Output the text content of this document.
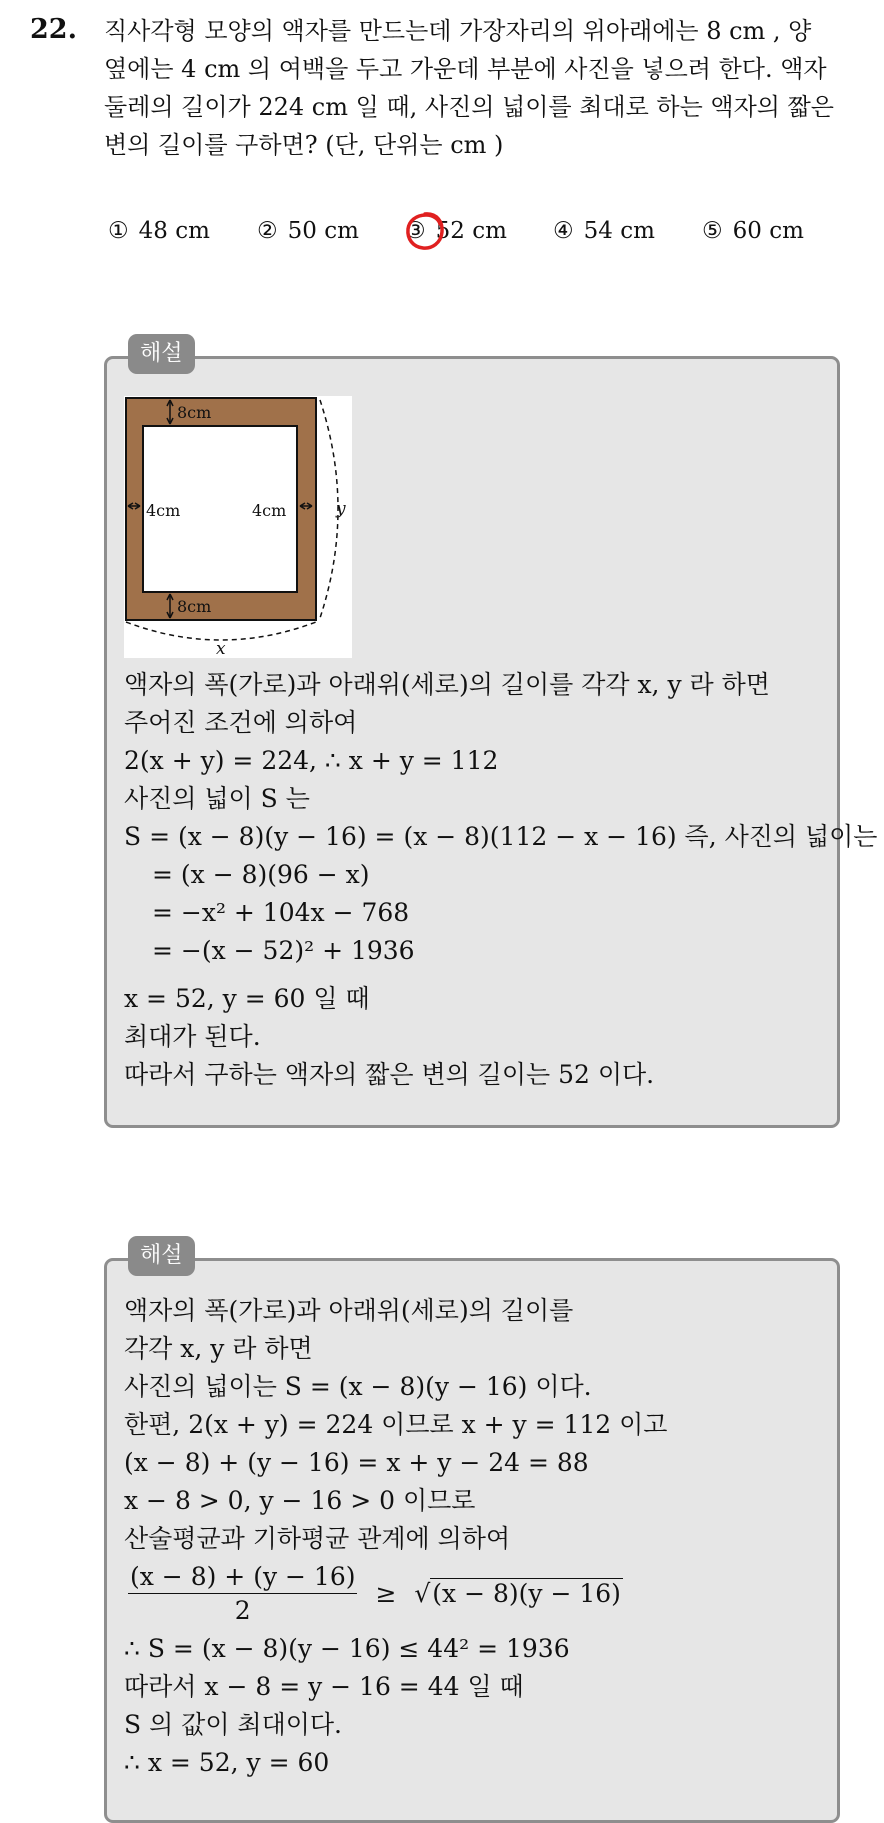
22. 직사각형 모양의 액자를 만드는데 가장자리의 위아래에는 8 cm , 양
옆에는 4 cm 의 여백을 두고 가운데 부분에 사진을 넣으려 한다. 액자
둘레의 길이가 224 cm 일 때, 사진의 넓이를 최대로 하는 액자의 짧은
변의 길이를 구하면? (단, 단위는 cm )
① 48 cm ② 50 cm ③ 52 cm ④ 54 cm ⑤ 60 cm
해설
8cm
8cm
4cm	4cm	y
x
액자의 폭(가로)과 아래위(세로)의 길이를 각각 x, y 라 하면
주어진 조건에 의하여
2(x + y) = 224, ∴ x + y = 112
사진의 넓이 S 는
S = (x − 8)(y − 16) = (x − 8)(112 − x − 16) 즉, 사진의 넓이는
= (x − 8)(96 − x)
= −x² + 104x − 768
= −(x − 52)² + 1936
x = 52, y = 60 일 때
최대가 된다.
따라서 구하는 액자의 짧은 변의 길이는 52 이다.
해설
액자의 폭(가로)과 아래위(세로)의 길이를
각각 x, y 라 하면
사진의 넓이는 S = (x − 8)(y − 16) 이다.
한편, 2(x + y) = 224 이므로 x + y = 112 이고
(x − 8) + (y − 16) = x + y − 24 = 88
x − 8 > 0, y − 16 > 0 이므로
산술평균과 기하평균 관계에 의하여
$\frac{(x - 8) + (y - 16)}{2} \ge √(x - 8)(y - 16)$
∴ S = (x − 8)(y − 16) ≤ 44² = 1936
따라서 x − 8 = y − 16 = 44 일 때
S 의 값이 최대이다.
∴ x = 52, y = 60
